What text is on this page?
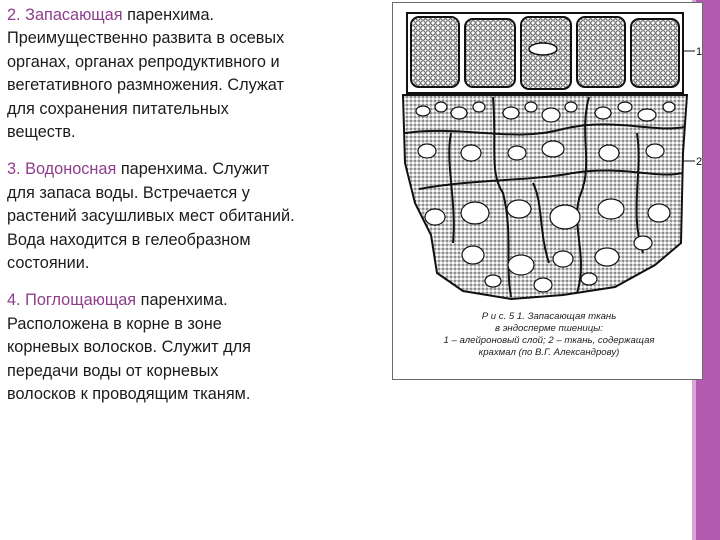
2. Запасающая паренхима.
Преимущественно развита в осевых
органах, органах репродуктивного и
вегетативного размножения. Служат
для сохранения питательных
веществ.

3. Водоносная паренхима. Служит
для запаса воды. Встречается у
растений засушливых мест обитаний.
Вода находится в гелеобразном
состоянии.

4. Поглощающая паренхима.
Расположена в корне в зоне
корневых волосков. Служит для
передачи воды от корневых
волосков к проводящим тканям.

1
2
Р и с. 5 1. Запасающая ткань
в эндосперме пшеницы:
1 – алейроновый слой; 2 – ткань, содержащая
крахмал (по В.Г. Александрову)
